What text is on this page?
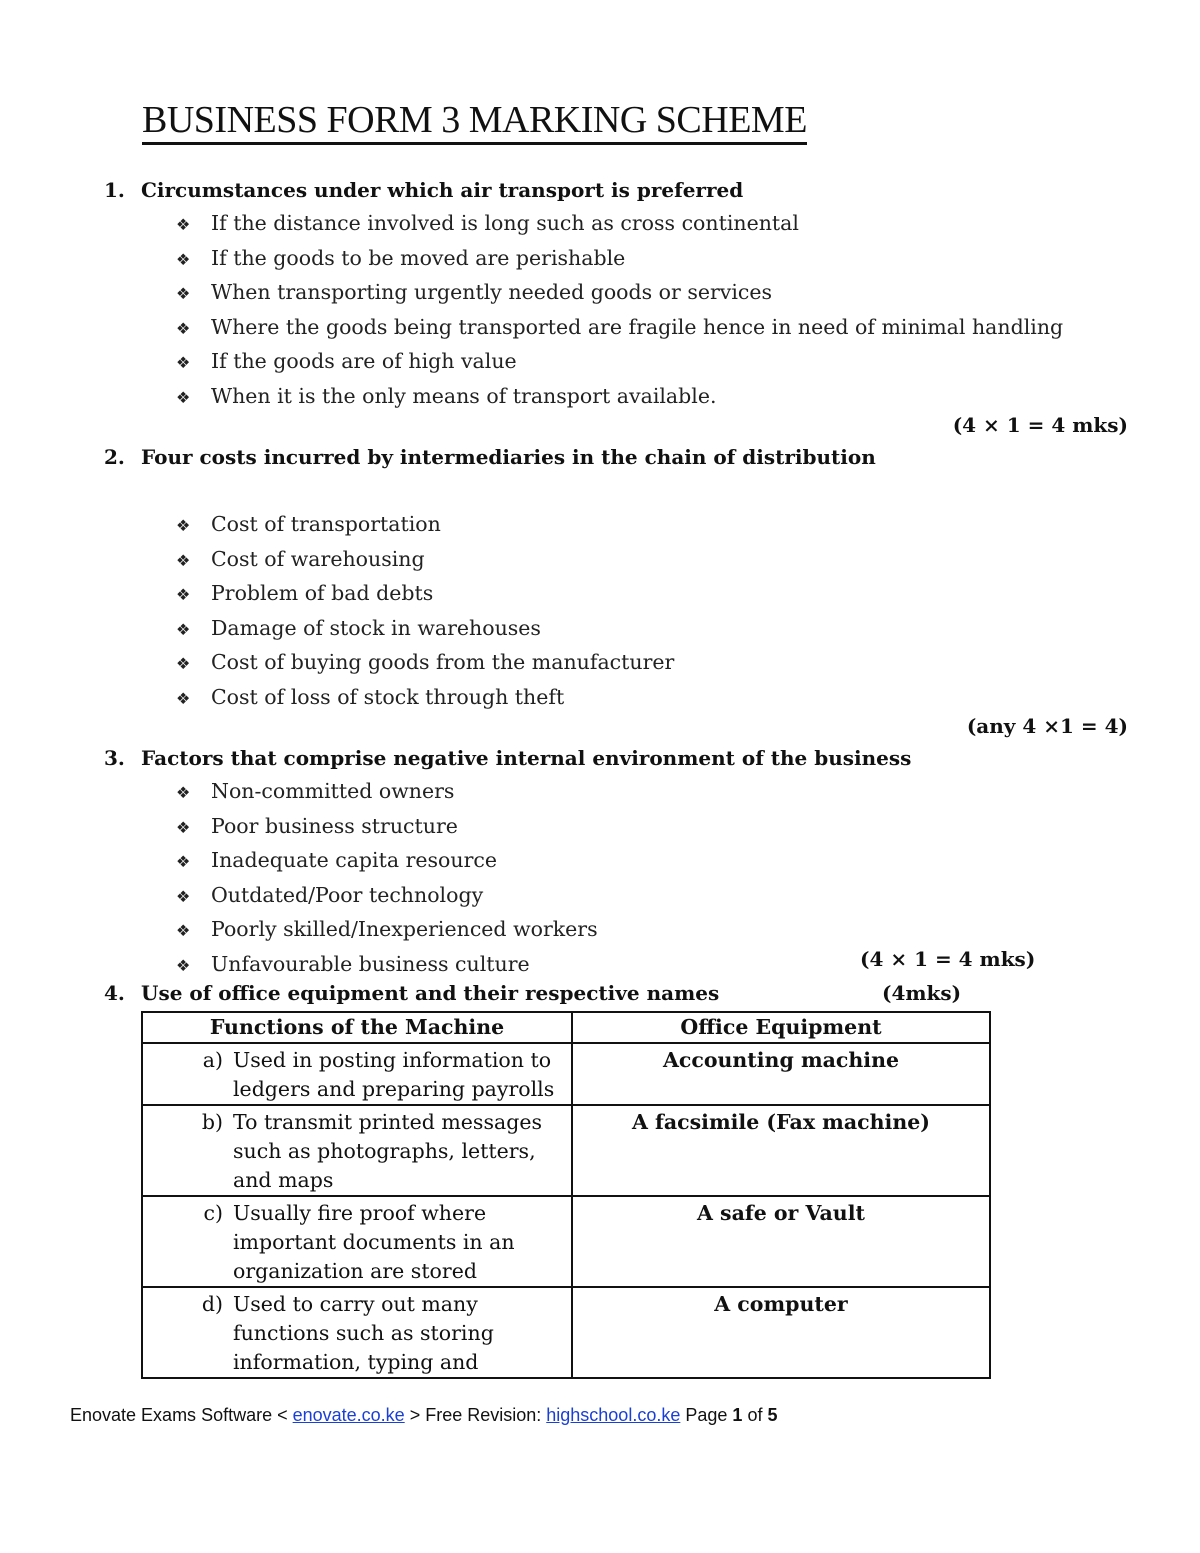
BUSINESS FORM 3 MARKING SCHEME
1. Circumstances under which air transport is preferred
❖ If the distance involved is long such as cross continental
❖ If the goods to be moved are perishable
❖ When transporting urgently needed goods or services
❖ Where the goods being transported are fragile hence in need of minimal handling
❖ If the goods are of high value
❖ When it is the only means of transport available.
(4 × 1 = 4 mks)
2. Four costs incurred by intermediaries in the chain of distribution
❖ Cost of transportation
❖ Cost of warehousing
❖ Problem of bad debts
❖ Damage of stock in warehouses
❖ Cost of buying goods from the manufacturer
❖ Cost of loss of stock through theft
(any 4 ×1 = 4)
3. Factors that comprise negative internal environment of the business
❖ Non-committed owners
❖ Poor business structure
❖ Inadequate capita resource
❖ Outdated/Poor technology
❖ Poorly skilled/Inexperienced workers
❖ Unfavourable business culture	(4 × 1 = 4 mks)
4. Use of office equipment and their respective names	(4mks)
Functions of the Machine	Office Equipment

a) Used in posting information to ledgers and preparing payrolls	Accounting machine

b) To transmit printed messages such as photographs, letters, and maps	A facsimile (Fax machine)

c) Usually fire proof where important documents in an organization are stored	A safe or Vault

d) Used to carry out many functions such as storing information, typing and	A computer
Enovate Exams Software < enovate.co.ke > Free Revision: highschool.co.ke Page 1 of 5
